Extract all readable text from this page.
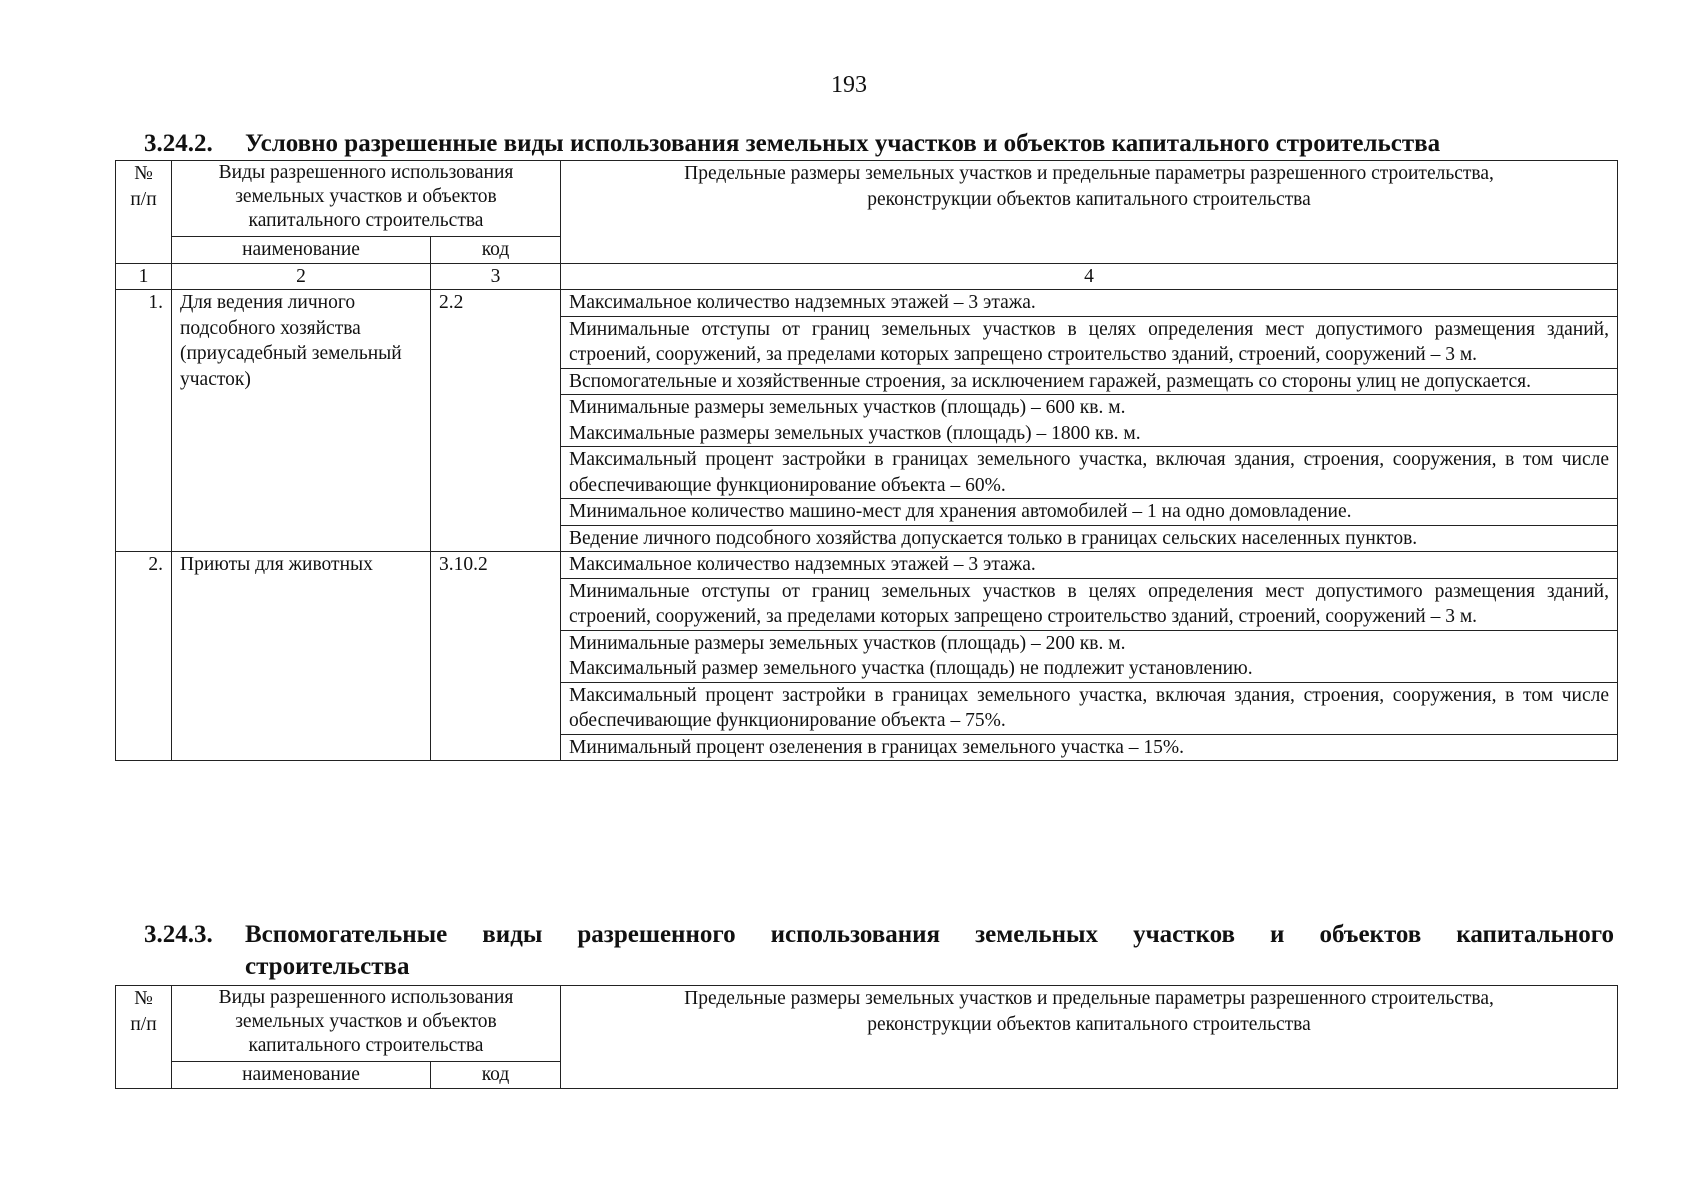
193
3.24.2. Условно разрешенные виды использования земельных участков и объектов капитального строительства
№ п/п	Виды разрешенного использования земельных участков и объектов капитального строительства		Предельные размеры земельных участков и предельные параметры разрешенного строительства, реконструкции объектов капитального строительства
	наименование	код	
1	2	3	4
1.	Для ведения личного подсобного хозяйства (приусадебный земельный участок)	2.2	Максимальное количество надземных этажей – 3 этажа.
			Минимальные отступы от границ земельных участков в целях определения мест допустимого размещения зданий, строений, сооружений, за пределами которых запрещено строительство зданий, строений, сооружений – 3 м.
			Вспомогательные и хозяйственные строения, за исключением гаражей, размещать со стороны улиц не допускается.
			Минимальные размеры земельных участков (площадь) – 600 кв. м.
Максимальные размеры земельных участков (площадь) – 1800 кв. м.
			Максимальный процент застройки в границах земельного участка, включая здания, строения, сооружения, в том числе обеспечивающие функционирование объекта – 60%.
			Минимальное количество машино-мест для хранения автомобилей – 1 на одно домовладение.
			Ведение личного подсобного хозяйства допускается только в границах сельских населенных пунктов.
2.	Приюты для животных	3.10.2	Максимальное количество надземных этажей – 3 этажа.
			Минимальные отступы от границ земельных участков в целях определения мест допустимого размещения зданий, строений, сооружений, за пределами которых запрещено строительство зданий, строений, сооружений – 3 м.
			Минимальные размеры земельных участков (площадь) – 200 кв. м.
Максимальный размер земельного участка (площадь) не подлежит установлению.
			Максимальный процент застройки в границах земельного участка, включая здания, строения, сооружения, в том числе обеспечивающие функционирование объекта – 75%.
			Минимальный процент озеленения в границах земельного участка – 15%.
3.24.3. Вспомогательные виды разрешенного использования земельных участков и объектов капитального
строительства
№ п/п	Виды разрешенного использования земельных участков и объектов капитального строительства		Предельные размеры земельных участков и предельные параметры разрешенного строительства, реконструкции объектов капитального строительства
	наименование	код	
